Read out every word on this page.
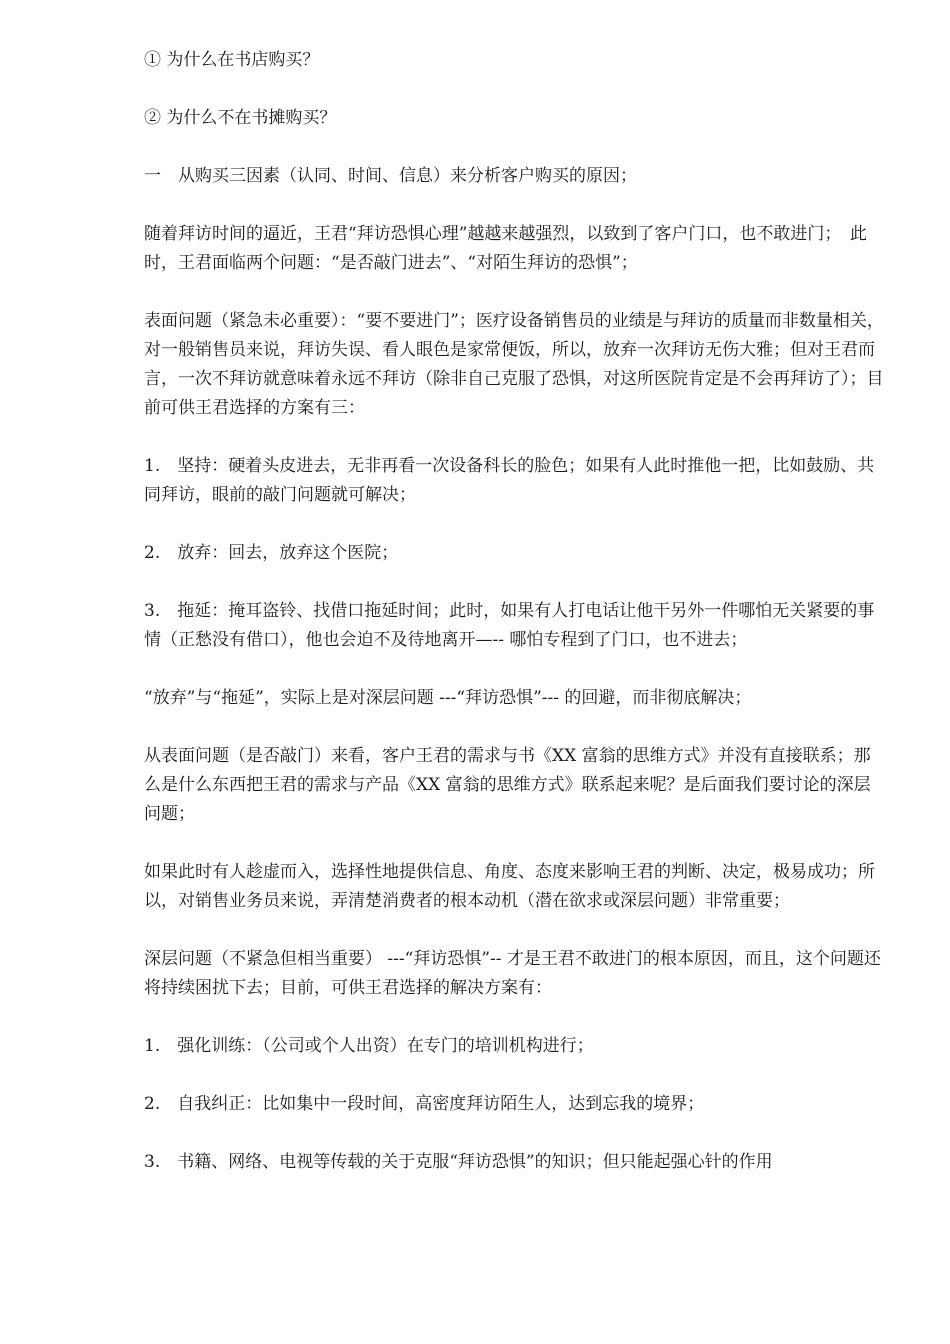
① 为什么在书店购买？

② 为什么不在书摊购买？

一　从购买三因素（认同、时间、信息）来分析客户购买的原因；

随着拜访时间的逼近，王君“拜访恐惧心理”越越来越强烈，以致到了客户门口，也不敢进门；　此时，王君面临两个问题：“是否敲门进去”、“对陌生拜访的恐惧”；

表面问题（紧急未必重要）：“要不要进门”；医疗设备销售员的业绩是与拜访的质量而非数量相关，对一般销售员来说，拜访失误、看人眼色是家常便饭，所以，放弃一次拜访无伤大雅；但对王君而言，一次不拜访就意味着永远不拜访（除非自己克服了恐惧，对这所医院肯定是不会再拜访了）；目前可供王君选择的方案有三：

1.　坚持：硬着头皮进去，无非再看一次设备科长的脸色；如果有人此时推他一把，比如鼓励、共同拜访，眼前的敲门问题就可解决；

2.　放弃：回去，放弃这个医院；

3.　拖延：掩耳盗铃、找借口拖延时间；此时，如果有人打电话让他干另外一件哪怕无关紧要的事情（正愁没有借口），他也会迫不及待地离开—-- 哪怕专程到了门口，也不进去；

“放弃”与“拖延”，实际上是对深层问题 ---“拜访恐惧”--- 的回避，而非彻底解决；

从表面问题（是否敲门）来看，客户王君的需求与书《XX 富翁的思维方式》并没有直接联系；那么是什么东西把王君的需求与产品《XX 富翁的思维方式》联系起来呢？是后面我们要讨论的深层问题；

如果此时有人趁虚而入，选择性地提供信息、角度、态度来影响王君的判断、决定，极易成功；所以，对销售业务员来说，弄清楚消费者的根本动机（潜在欲求或深层问题）非常重要；

深层问题（不紧急但相当重要） ---“拜访恐惧”-- 才是王君不敢进门的根本原因，而且，这个问题还将持续困扰下去；目前，可供王君选择的解决方案有：

1.　强化训练：（公司或个人出资）在专门的培训机构进行；

2.　自我纠正：比如集中一段时间，高密度拜访陌生人，达到忘我的境界；

3.　书籍、网络、电视等传载的关于克服“拜访恐惧”的知识；但只能起强心针的作用
